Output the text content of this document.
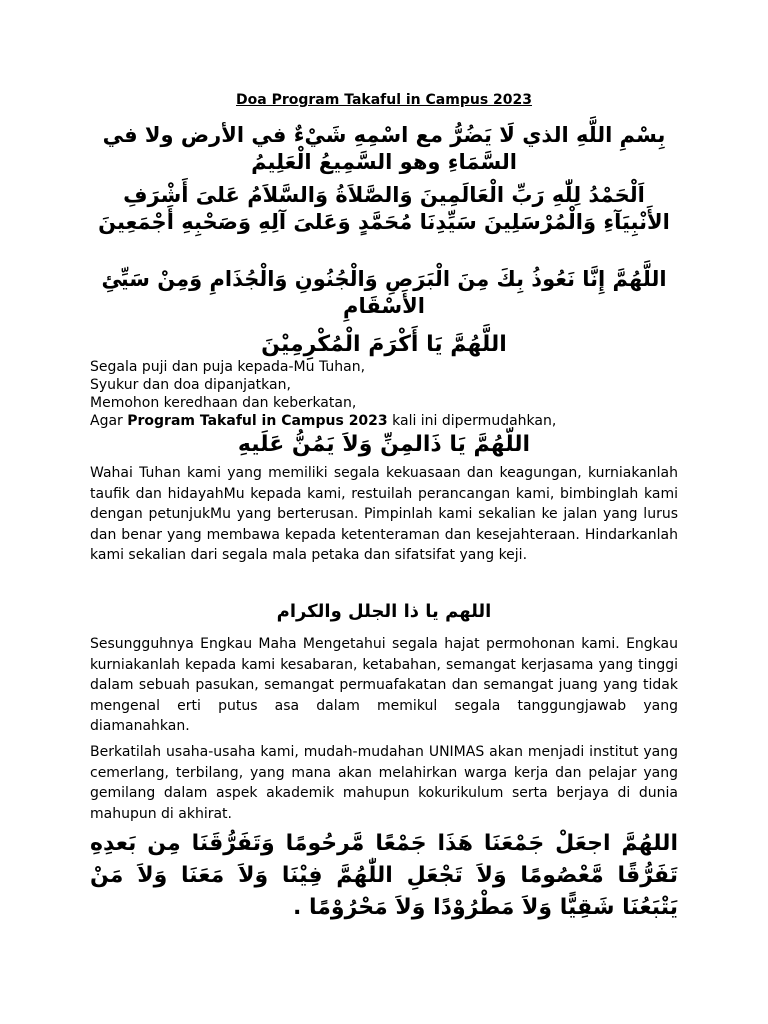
Doa Program Takaful in Campus 2023
بِسْمِ اللَّهِ الذي لَا يَضُرُّ مع اسْمِهِ شَيْءٌ في الأرض ولا في السَّمَاءِ وهو السَّمِيعُ الْعَلِيمُ
اَلْحَمْدُ لِلّٰهِ رَبِّ الْعَالَمِينَ وَالصَّلاَةُ وَالسَّلاَمُ عَلىَ أَشْرَفِ الأَنْبِيَآءِ وَالْمُرْسَلِينَ سَيِّدِنَا مُحَمَّدٍ وَعَلىَ آلِهِ وَصَحْبِهِ أَجْمَعِينَ
اللَّهُمَّ إِنَّا نَعُوذُ بِكَ مِنَ الْبَرَصِ وَالْجُنُونِ وَالْجُذَامِ وَمِنْ سَيِّئِ الأَسْقَامِ
اللَّهُمَّ يَا أَكْرَمَ الْمُكْرِمِيْنَ
Segala puji dan puja kepada-Mu Tuhan,
Syukur dan doa dipanjatkan,
Memohon keredhaan dan keberkatan,
Agar Program Takaful in Campus 2023 kali ini dipermudahkan,
اللّهُمَّ يَا ذَالمِنِّ وَلاَ يَمُنُّ عَلَيهِ
Wahai Tuhan kami yang memiliki segala kekuasaan dan keagungan, kurniakanlah taufik dan hidayahMu kepada kami, restuilah perancangan kami, bimbinglah kami dengan petunjukMu yang berterusan. Pimpinlah kami sekalian ke jalan yang lurus dan benar yang membawa kepada ketenteraman dan kesejahteraan. Hindarkanlah kami sekalian dari segala mala petaka dan sifatsifat yang keji.
اللهم يا ذا الجلل والكرام
Sesungguhnya Engkau Maha Mengetahui segala hajat permohonan kami. Engkau kurniakanlah kepada kami kesabaran, ketabahan, semangat kerjasama yang tinggi dalam sebuah pasukan, semangat permuafakatan dan semangat juang yang tidak mengenal erti putus asa dalam memikul segala tanggungjawab yang diamanahkan.
Berkatilah usaha-usaha kami, mudah-mudahan UNIMAS akan menjadi institut yang cemerlang, terbilang, yang mana akan melahirkan warga kerja dan pelajar yang gemilang dalam aspek akademik mahupun kokurikulum serta berjaya di dunia mahupun di akhirat.
اللهُمَّ اجعَلْ جَمْعَنَا هَذَا جَمْعًا مَّرحُومًا وَتَفَرُّقَنَا مِن بَعدِهِ تَفَرُّقًا مَّعْصُومًا وَلاَ تَجْعَلِ اللّٰهُمَّ فِيْنَا وَلاَ مَعَنَا وَلاَ مَنْ يَتْبَعُنَا شَقِيًّا وَلاَ مَطْرُوْدًا وَلاَ مَحْرُوْمًا .
